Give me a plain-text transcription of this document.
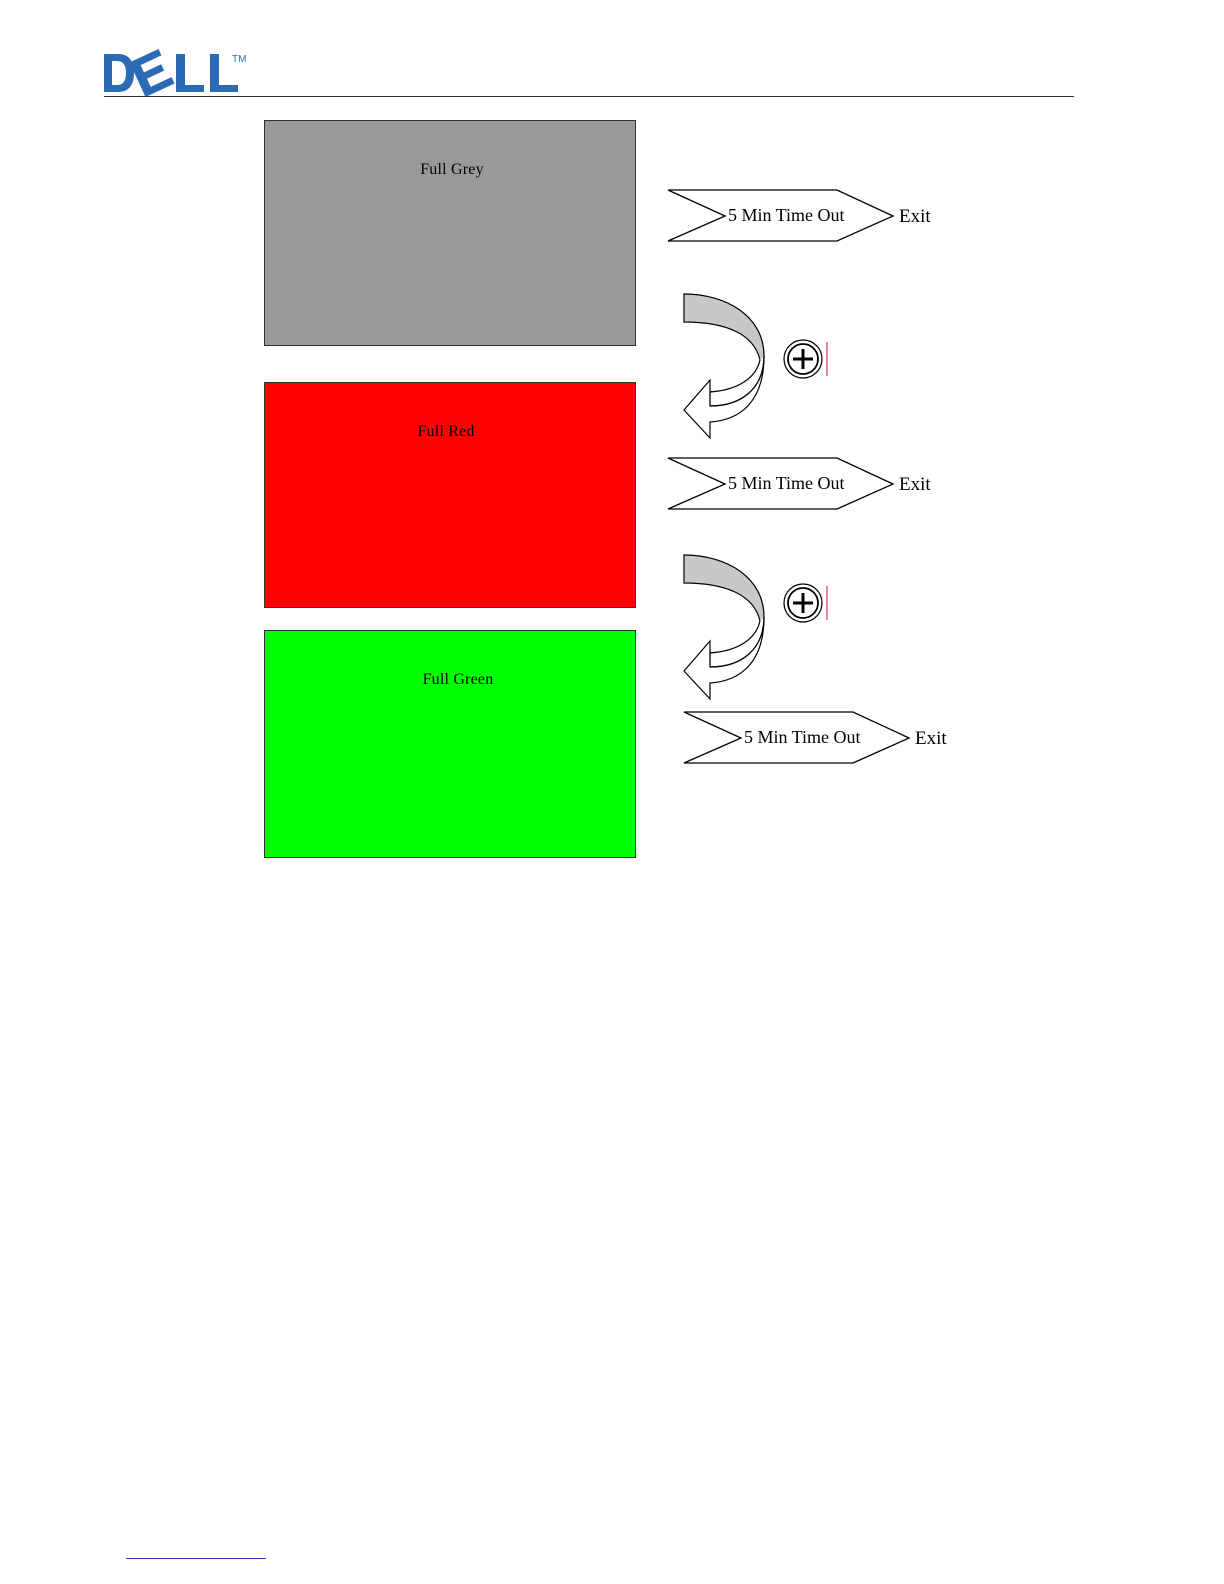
TM
Full Grey
Full Red
Full Green
5 Min Time Out	Exit
5 Min Time Out	Exit
5 Min Time Out	Exit
